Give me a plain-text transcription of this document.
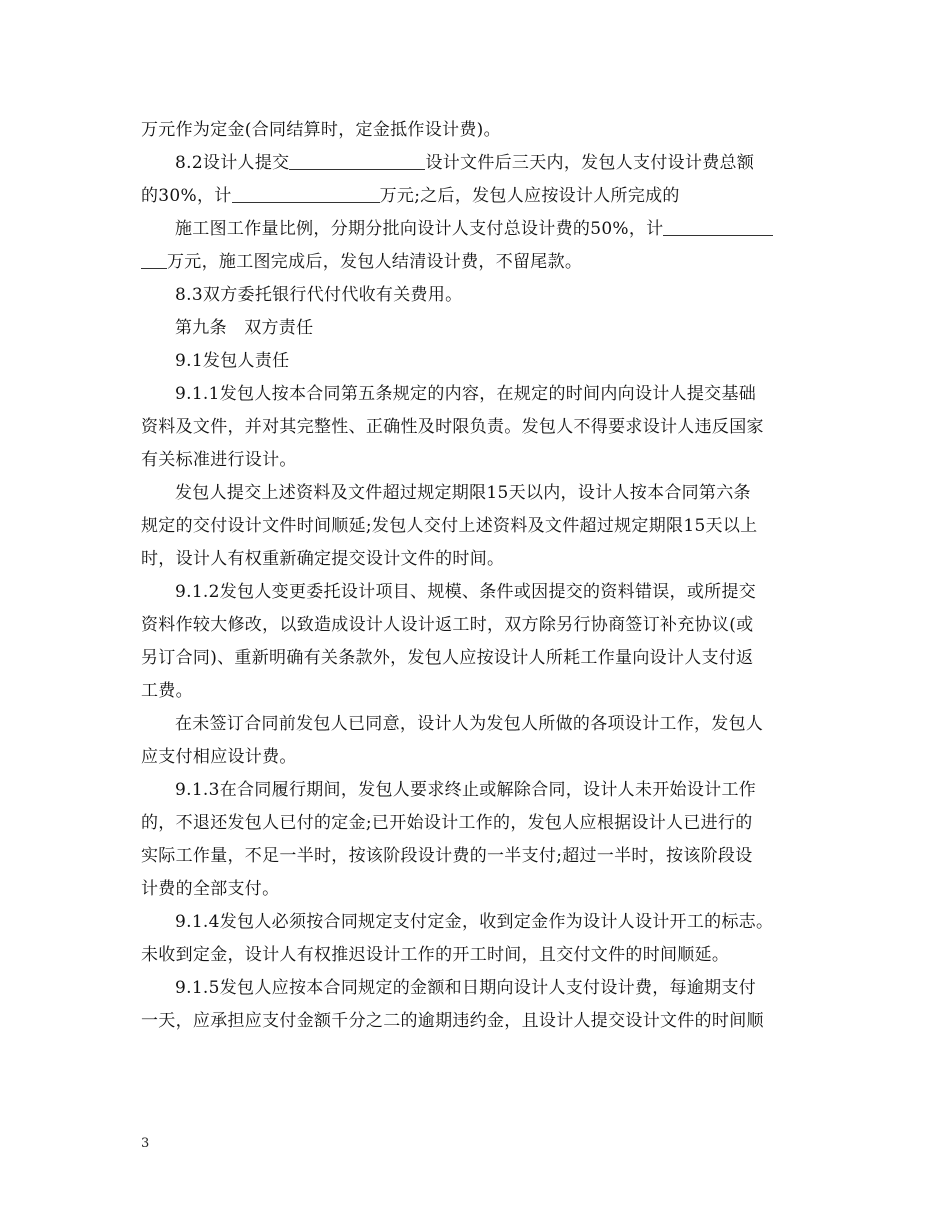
万元作为定金(合同结算时，定金抵作设计费)。
8.2设计人提交	设计文件后三天内，发包人支付设计费总额
的30%，计	万元;之后，发包人应按设计人所完成的
施工图工作量比例，分期分批向设计人支付总设计费的50%，计
万元，施工图完成后，发包人结清设计费，不留尾款。
8.3双方委托银行代付代收有关费用。
第九条　双方责任
9.1发包人责任
9.1.1发包人按本合同第五条规定的内容，在规定的时间内向设计人提交基础
资料及文件，并对其完整性、正确性及时限负责。发包人不得要求设计人违反国家
有关标准进行设计。
发包人提交上述资料及文件超过规定期限15天以内，设计人按本合同第六条
规定的交付设计文件时间顺延;发包人交付上述资料及文件超过规定期限15天以上
时，设计人有权重新确定提交设计文件的时间。
9.1.2发包人变更委托设计项目、规模、条件或因提交的资料错误，或所提交
资料作较大修改，以致造成设计人设计返工时，双方除另行协商签订补充协议(或
另订合同)、重新明确有关条款外，发包人应按设计人所耗工作量向设计人支付返
工费。
在未签订合同前发包人已同意，设计人为发包人所做的各项设计工作，发包人
应支付相应设计费。
9.1.3在合同履行期间，发包人要求终止或解除合同，设计人未开始设计工作
的，不退还发包人已付的定金;已开始设计工作的，发包人应根据设计人已进行的
实际工作量，不足一半时，按该阶段设计费的一半支付;超过一半时，按该阶段设
计费的全部支付。
9.1.4发包人必须按合同规定支付定金，收到定金作为设计人设计开工的标志。
未收到定金，设计人有权推迟设计工作的开工时间，且交付文件的时间顺延。
9.1.5发包人应按本合同规定的金额和日期向设计人支付设计费，每逾期支付
一天，应承担应支付金额千分之二的逾期违约金，且设计人提交设计文件的时间顺
3
